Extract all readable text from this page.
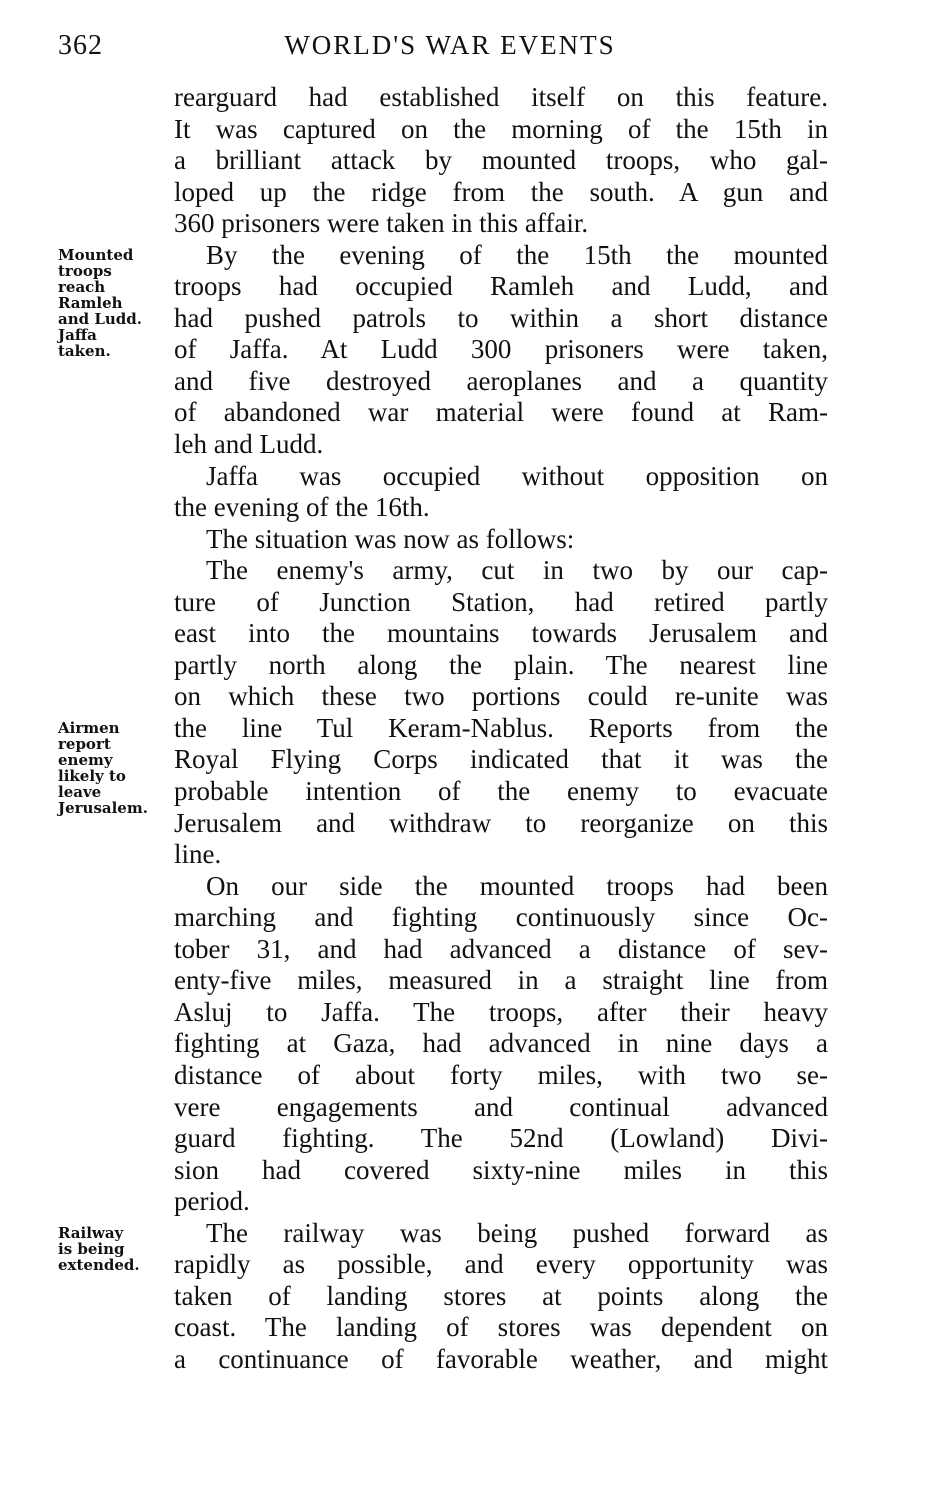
362	WORLD'S WAR EVENTS
rearguard had established itself on this feature.
It was captured on the morning of the 15th in
a brilliant attack by mounted troops, who gal-
loped up the ridge from the south. A gun and
360 prisoners were taken in this affair.
By the evening of the 15th the mounted
troops had occupied Ramleh and Ludd, and
had pushed patrols to within a short distance
of Jaffa. At Ludd 300 prisoners were taken,
and five destroyed aeroplanes and a quantity
of abandoned war material were found at Ram-
leh and Ludd.
Jaffa was occupied without opposition on
the evening of the 16th.
The situation was now as follows:
The enemy's army, cut in two by our cap-
ture of Junction Station, had retired partly
east into the mountains towards Jerusalem and
partly north along the plain. The nearest line
on which these two portions could re-unite was
the line Tul Keram-Nablus. Reports from the
Royal Flying Corps indicated that it was the
probable intention of the enemy to evacuate
Jerusalem and withdraw to reorganize on this
line.
On our side the mounted troops had been
marching and fighting continuously since Oc-
tober 31, and had advanced a distance of sev-
enty-five miles, measured in a straight line from
Asluj to Jaffa. The troops, after their heavy
fighting at Gaza, had advanced in nine days a
distance of about forty miles, with two se-
vere engagements and continual advanced
guard fighting. The 52nd (Lowland) Divi-
sion had covered sixty-nine miles in this
period.
The railway was being pushed forward as
rapidly as possible, and every opportunity was
taken of landing stores at points along the
coast. The landing of stores was dependent on
a continuance of favorable weather, and might
Mounted
troops
reach
Ramleh
and Ludd.
Jaffa
taken.
Airmen
report
enemy
likely to
leave
Jerusalem.
Railway
is being
extended.
